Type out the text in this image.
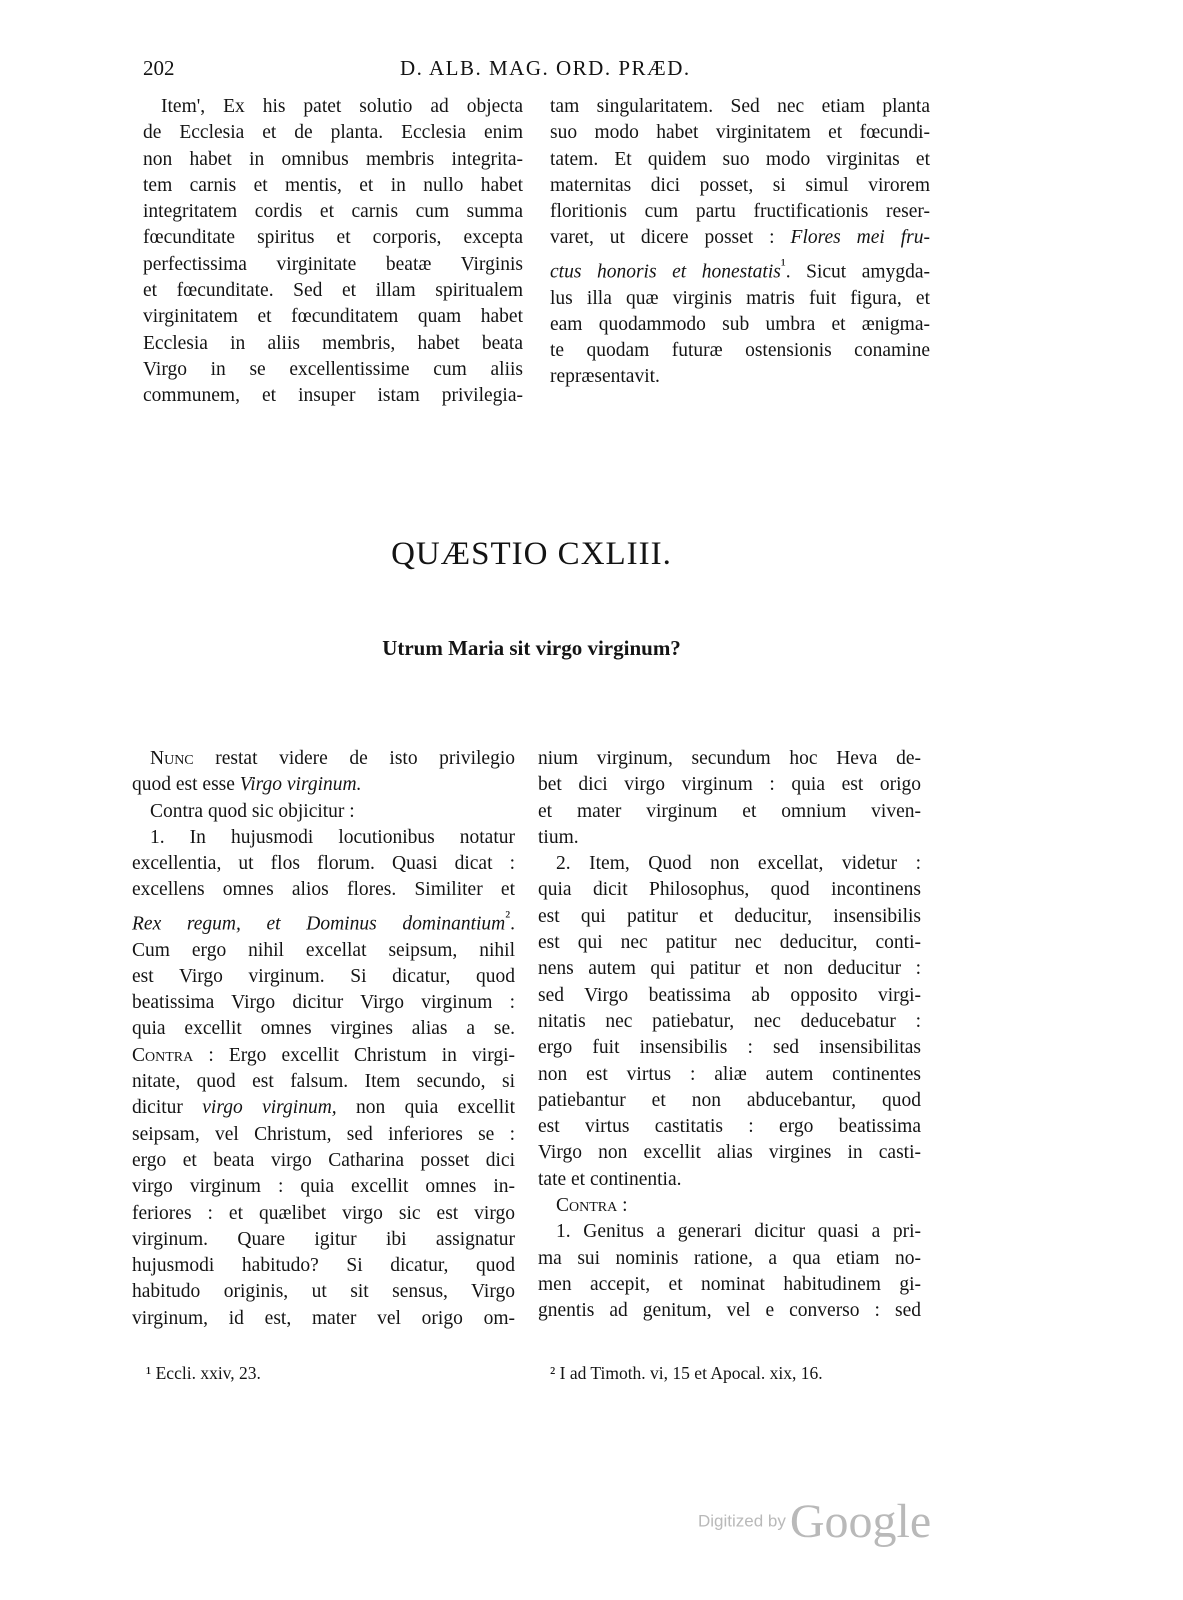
202	D. ALB. MAG. ORD. PRÆD.

Item', Ex his patet solutio ad objecta

de Ecclesia et de planta. Ecclesia enim

non habet in omnibus membris integrita-

tem carnis et mentis, et in nullo habet

integritatem cordis et carnis cum summa

fœcunditate spiritus et corporis, excepta

perfectissima virginitate beatæ Virginis

et fœcunditate. Sed et illam spiritualem

virginitatem et fœcunditatem quam habet

Ecclesia in aliis membris, habet beata

Virgo in se excellentissime cum aliis

communem, et insuper istam privilegia-

tam singularitatem. Sed nec etiam planta

suo modo habet virginitatem et fœcundi-

tatem. Et quidem suo modo virginitas et

maternitas dici posset, si simul virorem

floritionis cum partu fructificationis reser-

varet, ut dicere posset : Flores mei fru-

ctus honoris et honestatis$^{^1}$. Sicut amygda-

lus illa quæ virginis matris fuit figura, et

eam quodammodo sub umbra et ænigma-

te quodam futuræ ostensionis conamine

repræsentavit.

QUÆSTIO CXLIII.
Utrum Maria sit virgo virginum?

Nunc restat videre de isto privilegio

quod est esse Virgo virginum.

Contra quod sic objicitur :

1. In hujusmodi locutionibus notatur

excellentia, ut flos florum. Quasi dicat :

excellens omnes alios flores. Similiter et

Rex regum, et Dominus dominantium$^{^2}$.

Cum ergo nihil excellat seipsum, nihil

est Virgo virginum. Si dicatur, quod

beatissima Virgo dicitur Virgo virginum :

quia excellit omnes virgines alias a se.

Contra : Ergo excellit Christum in virgi-

nitate, quod est falsum. Item secundo, si

dicitur virgo virginum, non quia excellit

seipsam, vel Christum, sed inferiores se :

ergo et beata virgo Catharina posset dici

virgo virginum : quia excellit omnes in-

feriores : et quælibet virgo sic est virgo

virginum. Quare igitur ibi assignatur

hujusmodi habitudo? Si dicatur, quod

habitudo originis, ut sit sensus, Virgo

virginum, id est, mater vel origo om-

nium virginum, secundum hoc Heva de-

bet dici virgo virginum : quia est origo

et mater virginum et omnium viven-

tium.

2. Item, Quod non excellat, videtur :

quia dicit Philosophus, quod incontinens

est qui patitur et deducitur, insensibilis

est qui nec patitur nec deducitur, conti-

nens autem qui patitur et non deducitur :

sed Virgo beatissima ab opposito virgi-

nitatis nec patiebatur, nec deducebatur :

ergo fuit insensibilis : sed insensibilitas

non est virtus : aliæ autem continentes

patiebantur et non abducebantur, quod

est virtus castitatis : ergo beatissima

Virgo non excellit alias virgines in casti-

tate et continentia.

Contra :

1. Genitus a generari dicitur quasi a pri-

ma sui nominis ratione, a qua etiam no-

men accepit, et nominat habitudinem gi-

gnentis ad genitum, vel e converso : sed

¹ Eccli. xxiv, 23.	² I ad Timoth. vi, 15 et Apocal. xix, 16.
Digitized by Google
